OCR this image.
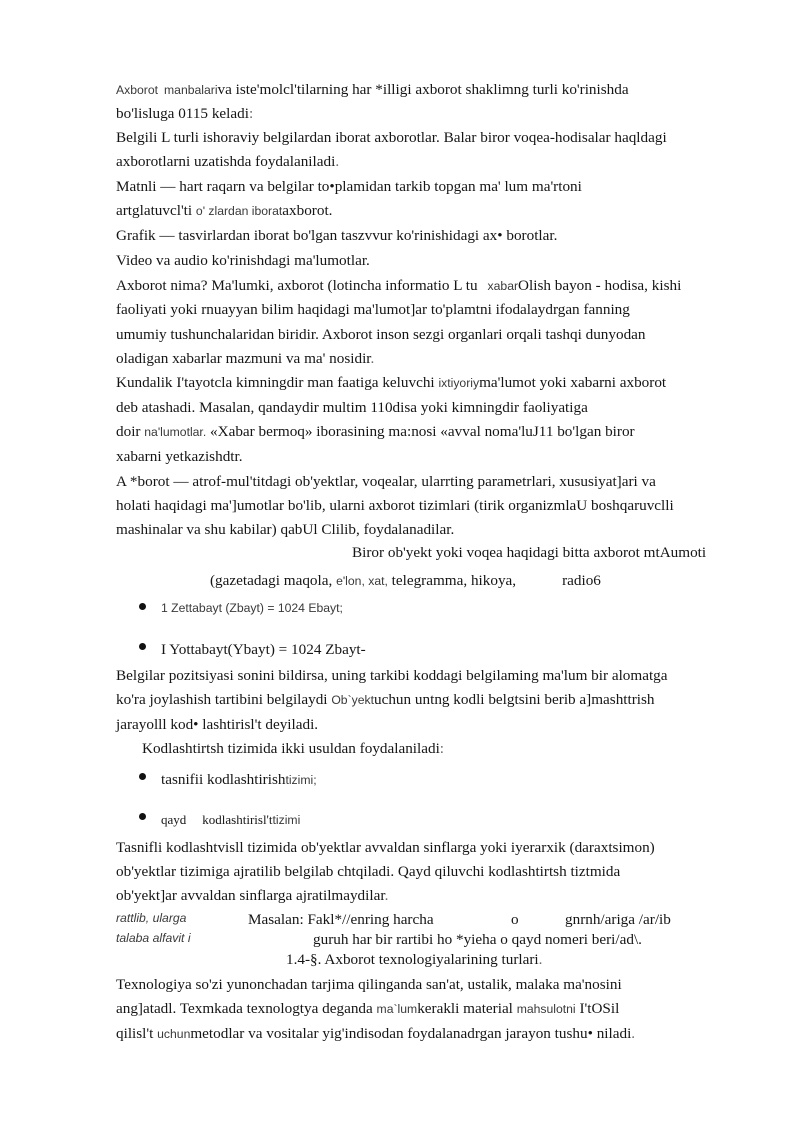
Axborot manbalariva iste'molcl'tilarning har *illigi axborot shaklimng turli ko'rinishda
bo'lisluga 0115 keladi:
Belgili L turli ishoraviy belgilardan iborat axborotlar. Balar biror voqea-hodisalar haqldagi
axborotlarni uzatishda foydalaniladi.
Matnli — hart raqarn va belgilar to•plamidan tarkib topgan ma' lum ma'rtoni
artglatuvcl'ti o' zlardan iborataxborot.
Grafik — tasvirlardan iborat bo'lgan taszvvur ko'rinishidagi ax• borotlar.
Video va audio ko'rinishdagi ma'lumotlar.
Axborot nima? Ma'lumki, axborot (lotincha informatio L tu xabarOlish bayon - hodisa, kishi
faoliyati yoki rnuayyan bilim haqidagi ma'lumot]ar to'plamtni ifodalaydrgan fanning
umumiy tushunchalaridan biridir. Axborot inson sezgi organlari orqali tashqi dunyodan
oladigan xabarlar mazmuni va ma' nosidir.
Kundalik I'tayotcla kimningdir man faatiga keluvchi ixtiyoriyma'lumot yoki xabarni axborot
deb atashadi. Masalan, qandaydir multim 110disa yoki kimningdir faoliyatiga
doir na'lumotlar. «Xabar bermoq» iborasining ma:nosi «avval noma'luJ11 bo'lgan biror
xabarni yetkazishdtr.
A *borot — atrof-mul'titdagi ob'yektlar, voqealar, ularrting parametrlari, xususiyat]ari va
holati haqidagi ma']umotlar bo'lib, ularni axborot tizimlari (tirik organizmlaU boshqaruvclli
mashinalar va shu kabilar) qabUl Clilib, foydalanadilar.
Biror ob'yekt yoki voqea haqidagi bitta axborot mtAumoti
(gazetadagi maqola, e'lon, xat, telegramma, hikoya,	radio6
1 Zettabayt (Zbayt) = 1024 Ebayt;
I Yottabayt(Ybayt) = 1024 Zbayt-
Belgilar pozitsiyasi sonini bildirsa, uning tarkibi koddagi belgilaming ma'lum bir alomatga
ko'ra joylashish tartibini belgilaydi Ob`yektuchun untng kodli belgtsini berib a]mashttrish
jarayolll kod• lashtirisl't deyiladi.
Kodlashtirtsh tizimida ikki usuldan foydalaniladi:
tasnifii kodlashtirishtizimi;
qayd kodlashtirisl'ttizimi
Tasnifli kodlashtvisll tizimida ob'yektlar avvaldan sinflarga yoki iyerarxik (daraxtsimon)
ob'yektlar tizimiga ajratilib belgilab chtqiladi. Qayd qiluvchi kodlashtirtsh tiztmida
ob'yekt]ar avvaldan sinflarga ajratilmaydilar.
rattlib, ularga	Masalan: Fakl*//enring harcha	o	gnrnh/ariga /ar/ib
talaba alfavit i	guruh har bir rartibi ho *yieha o qayd nomeri beri/ad\.
1.4-§. Axborot texnologiyalarining turlari.
Texnologiya so'zi yunonchadan tarjima qilinganda san'at, ustalik, malaka ma'nosini
ang]atadl. Texmkada texnologtya deganda ma`lumkerakli material mahsulotni I'tOSil
qilisl't uchunmetodlar va vositalar yig'indisodan foydalanadrgan jarayon tushu• niladi.
